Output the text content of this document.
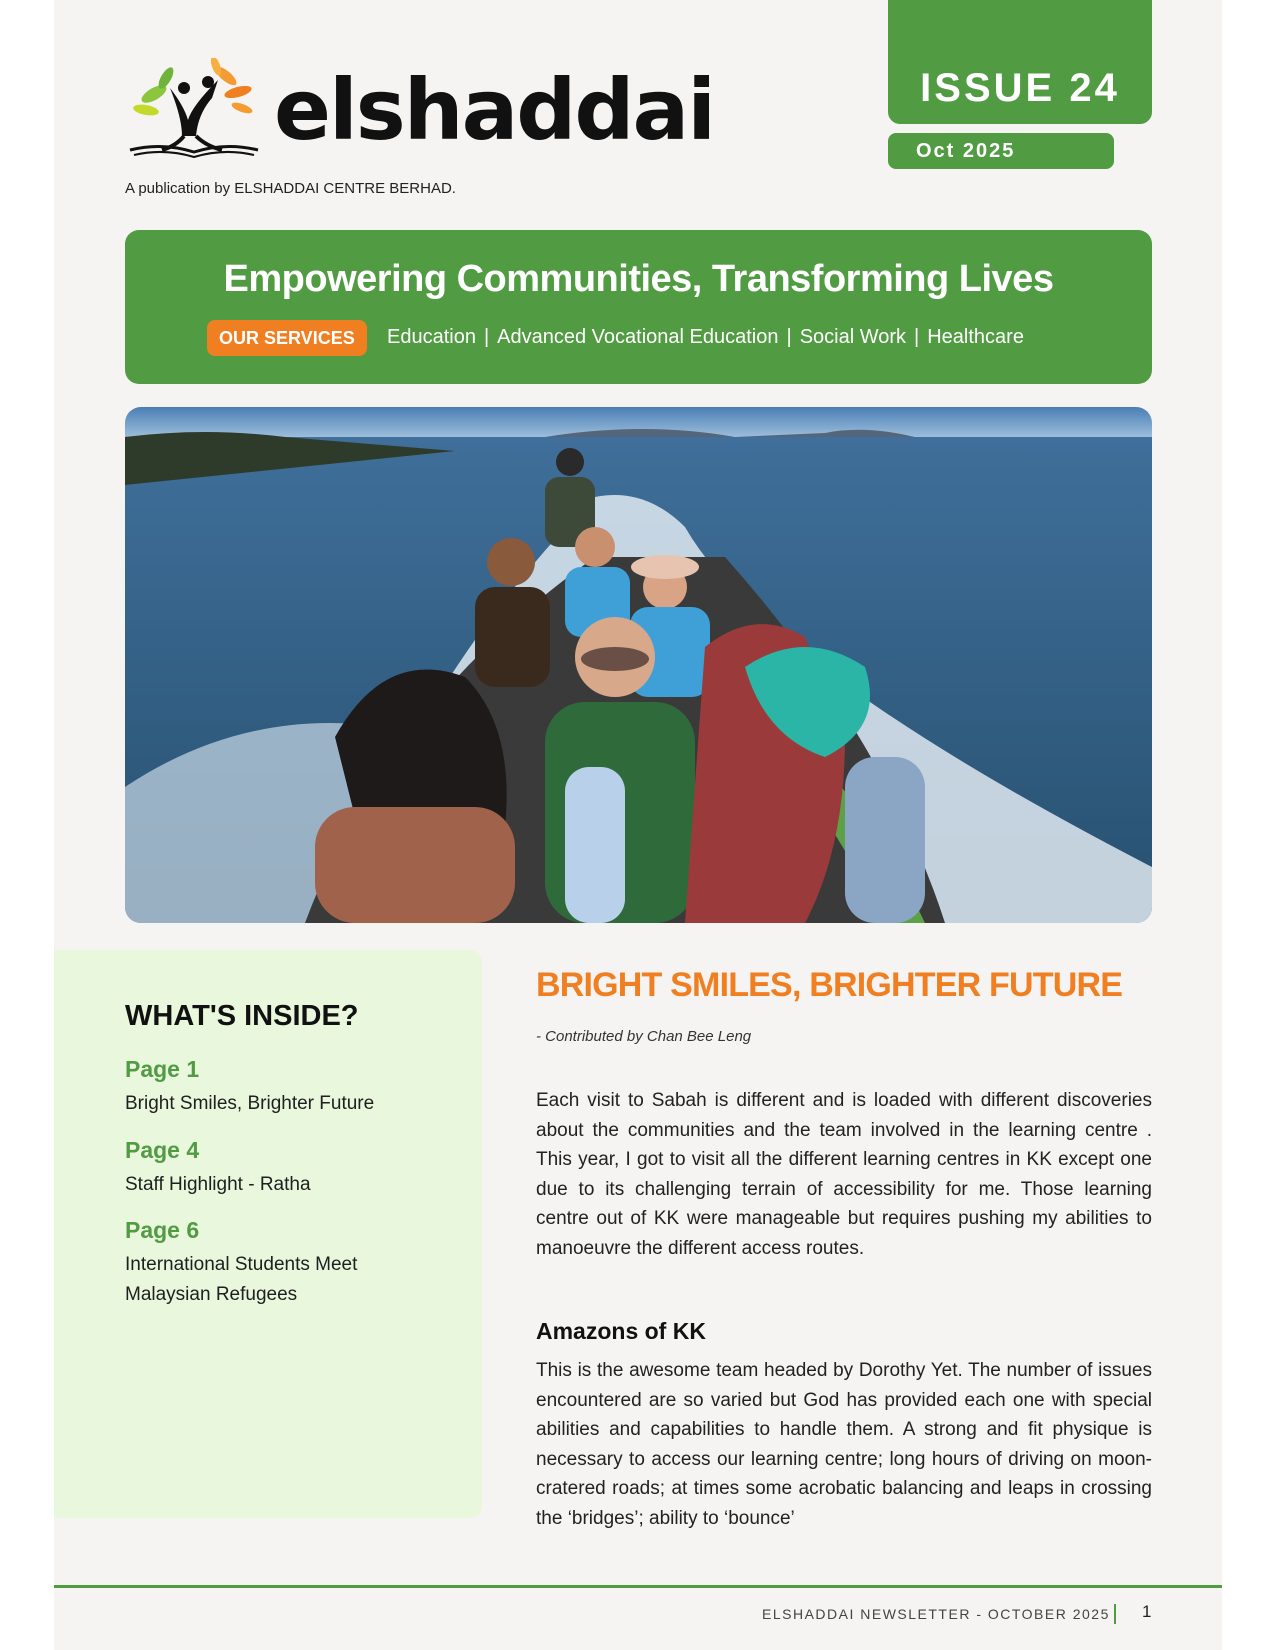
elshaddai
A publication by ELSHADDAI CENTRE BERHAD.
ISSUE 24
Oct 2025
Empowering Communities, Transforming Lives
OUR SERVICES	Education | Advanced Vocational Education | Social Work | Healthcare
WHAT'S INSIDE?
Page 1
Bright Smiles, Brighter Future
Page 4
Staff Highlight - Ratha
Page 6
International Students Meet Malaysian Refugees
BRIGHT SMILES, BRIGHTER FUTURE
- Contributed by Chan Bee Leng
Each visit to Sabah is different and is loaded with different discoveries about the communities and the team involved in the learning centre . This year, I got to visit all the different learning centres in KK except one due to its challenging terrain of accessibility for me. Those learning centre out of KK were manageable but requires pushing my abilities to manoeuvre the different access routes.
Amazons of KK
This is the awesome team headed by Dorothy Yet. The number of issues encountered are so varied but God has provided each one with special abilities and capabilities to handle them. A strong and fit physique is necessary to access our learning centre; long hours of driving on moon-cratered roads; at times some acrobatic balancing and leaps in crossing the ‘bridges’; ability to ‘bounce’
ELSHADDAI NEWSLETTER - OCTOBER 2025 1
